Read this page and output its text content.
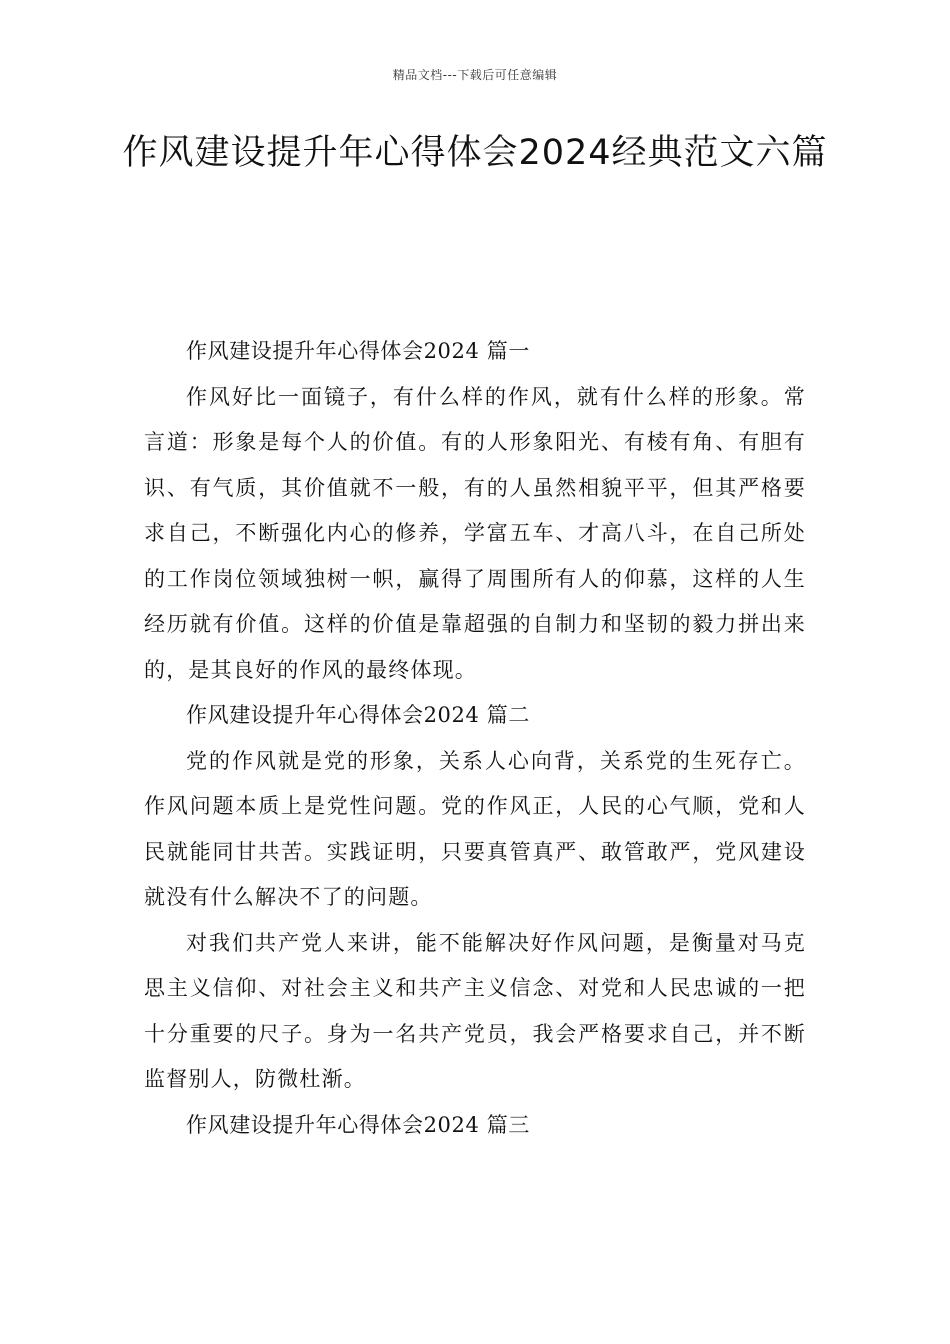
精品文档---下载后可任意编辑
作风建设提升年心得体会2024经典范文六篇

作风建设提升年心得体会2024 篇一

作风好比一面镜子，有什么样的作风，就有什么样的形象。常言道：形象是每个人的价值。有的人形象阳光、有棱有角、有胆有识、有气质，其价值就不一般，有的人虽然相貌平平，但其严格要求自己，不断强化内心的修养，学富五车、才高八斗，在自己所处的工作岗位领域独树一帜，赢得了周围所有人的仰慕，这样的人生经历就有价值。这样的价值是靠超强的自制力和坚韧的毅力拼出来的，是其良好的作风的最终体现。

作风建设提升年心得体会2024 篇二

党的作风就是党的形象，关系人心向背，关系党的生死存亡。作风问题本质上是党性问题。党的作风正，人民的心气顺，党和人民就能同甘共苦。实践证明，只要真管真严、敢管敢严，党风建设就没有什么解决不了的问题。

对我们共产党人来讲，能不能解决好作风问题，是衡量对马克思主义信仰、对社会主义和共产主义信念、对党和人民忠诚的一把十分重要的尺子。身为一名共产党员，我会严格要求自己，并不断监督别人，防微杜渐。

作风建设提升年心得体会2024 篇三
